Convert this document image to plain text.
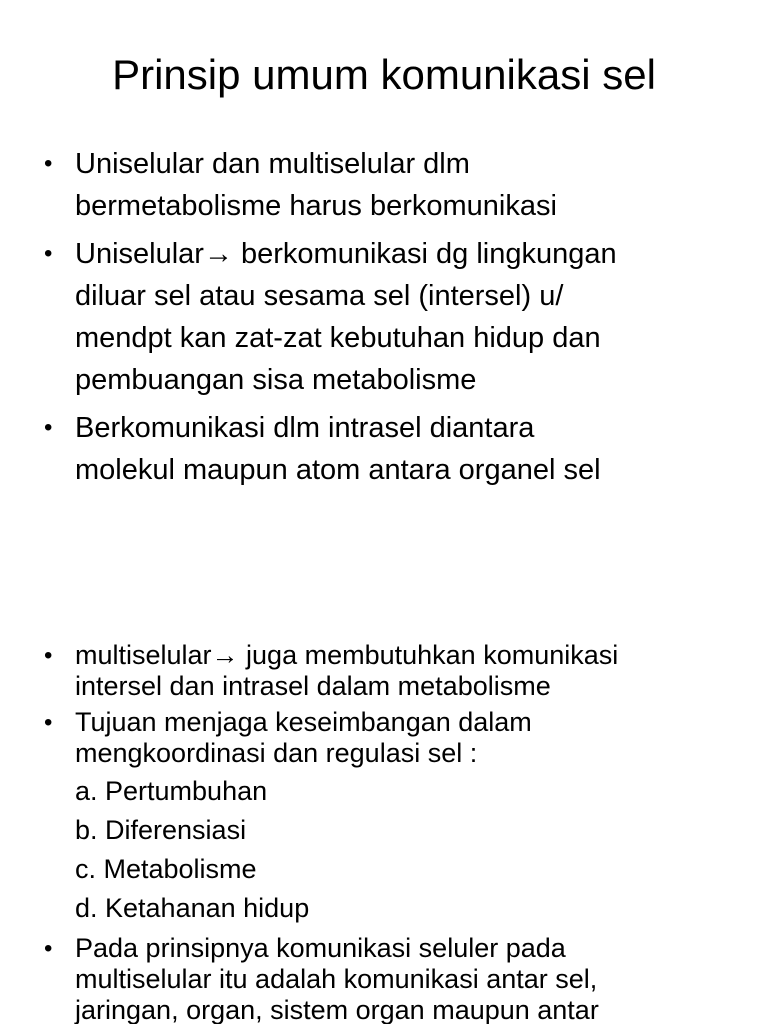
Prinsip umum komunikasi sel
• Uniselular dan multiselular dlm
bermetabolisme harus berkomunikasi
• Uniselular→ berkomunikasi dg lingkungan
diluar sel atau sesama sel (intersel) u/
mendpt kan zat-zat kebutuhan hidup dan
pembuangan sisa metabolisme
• Berkomunikasi dlm intrasel diantara
molekul maupun atom antara organel sel
• multiselular→ juga membutuhkan komunikasi
intersel dan intrasel dalam metabolisme
• Tujuan menjaga keseimbangan dalam
mengkoordinasi dan regulasi sel :
a. Pertumbuhan
b. Diferensiasi
c. Metabolisme
d. Ketahanan hidup
• Pada prinsipnya komunikasi seluler pada
multiselular itu adalah komunikasi antar sel,
jaringan, organ, sistem organ maupun antar
